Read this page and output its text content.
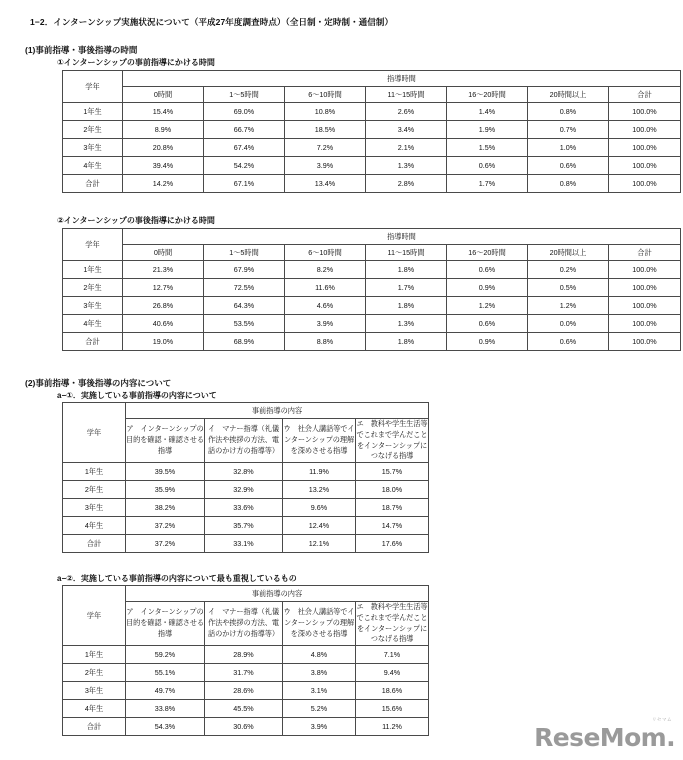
1−2．インターンシップ実施状況について（平成27年度調査時点）（全日制・定時制・通信制）
(1)事前指導・事後指導の時間
①インターンシップの事前指導にかける時間
学年	指導時間						
	0時間	1〜5時間	6〜10時間	11〜15時間	16〜20時間	20時間以上	合計
1年生	15.4%	69.0%	10.8%	2.6%	1.4%	0.8%	100.0%
2年生	8.9%	66.7%	18.5%	3.4%	1.9%	0.7%	100.0%
3年生	20.8%	67.4%	7.2%	2.1%	1.5%	1.0%	100.0%
4年生	39.4%	54.2%	3.9%	1.3%	0.6%	0.6%	100.0%
合計	14.2%	67.1%	13.4%	2.8%	1.7%	0.8%	100.0%
②インターンシップの事後指導にかける時間
学年	指導時間						
	0時間	1〜5時間	6〜10時間	11〜15時間	16〜20時間	20時間以上	合計
1年生	21.3%	67.9%	8.2%	1.8%	0.6%	0.2%	100.0%
2年生	12.7%	72.5%	11.6%	1.7%	0.9%	0.5%	100.0%
3年生	26.8%	64.3%	4.6%	1.8%	1.2%	1.2%	100.0%
4年生	40.6%	53.5%	3.9%	1.3%	0.6%	0.0%	100.0%
合計	19.0%	68.9%	8.8%	1.8%	0.9%	0.6%	100.0%
(2)事前指導・事後指導の内容について
a−①．実施している事前指導の内容について
学年	事前指導の内容			
	ア　インターンシップの目的を確認・確認させる指導	イ　マナー指導（礼儀作法や挨拶の方法、電話のかけ方の指導等）	ウ　社会人講話等でインターンシップの理解を深めさせる指導	エ　教科や学生生活等でこれまで学んだことをインターンシップにつなげる指導
1年生	39.5%	32.8%	11.9%	15.7%
2年生	35.9%	32.9%	13.2%	18.0%
3年生	38.2%	33.6%	9.6%	18.7%
4年生	37.2%	35.7%	12.4%	14.7%
合計	37.2%	33.1%	12.1%	17.6%
a−②．実施している事前指導の内容について最も重視しているもの
学年	事前指導の内容			
	ア　インターンシップの目的を確認・確認させる指導	イ　マナー指導（礼儀作法や挨拶の方法、電話のかけ方の指導等）	ウ　社会人講話等でインターンシップの理解を深めさせる指導	エ　教科や学生生活等でこれまで学んだことをインターンシップにつなげる指導
1年生	59.2%	28.9%	4.8%	7.1%
2年生	55.1%	31.7%	3.8%	9.4%
3年生	49.7%	28.6%	3.1%	18.6%
4年生	33.8%	45.5%	5.2%	15.6%
合計	54.3%	30.6%	3.9%	11.2%	ReseMom.
リセマム
